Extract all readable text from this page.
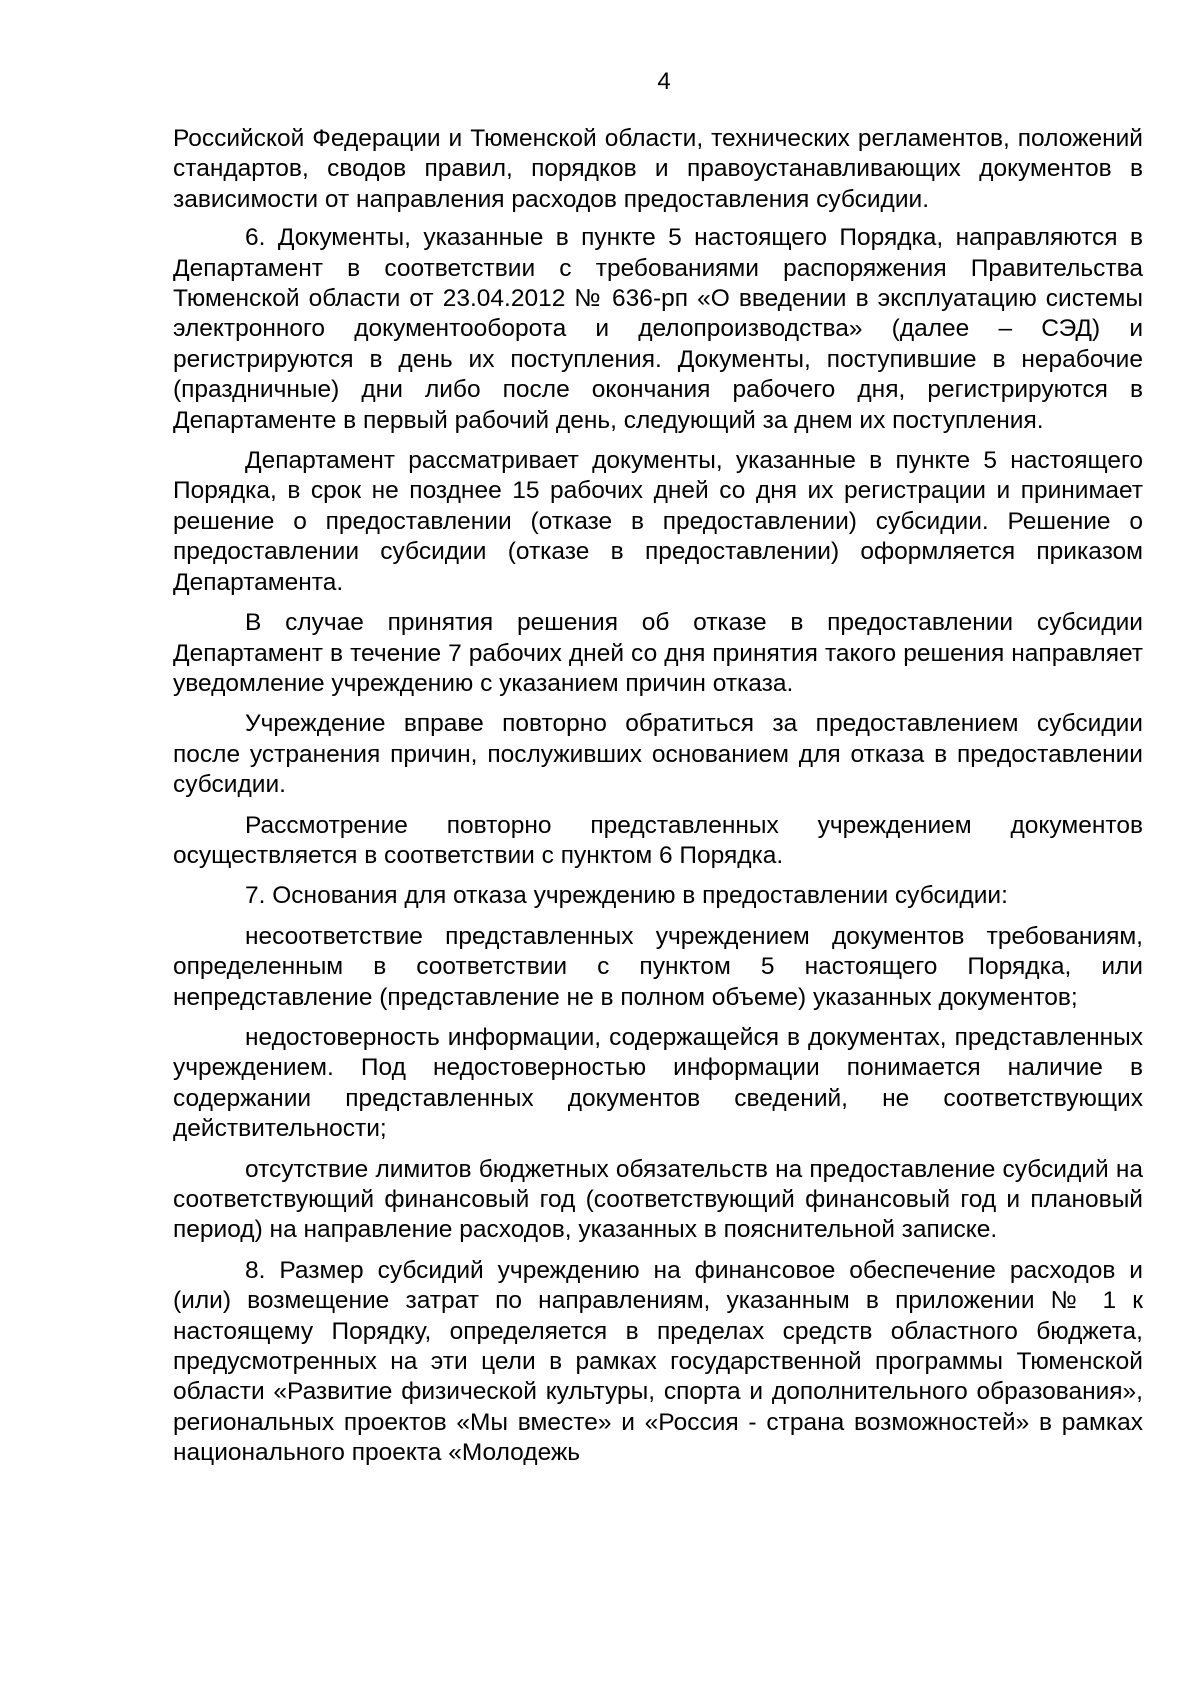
4

Российской Федерации и Тюменской области, технических регламентов, положений стандартов, сводов правил, порядков и правоустанавливающих документов в зависимости от направления расходов предоставления субсидии.

6. Документы, указанные в пункте 5 настоящего Порядка, направляются в Департамент в соответствии с требованиями распоряжения Правительства Тюменской области от 23.04.2012 № 636-рп «О введении в эксплуатацию системы электронного документооборота и делопроизводства» (далее – СЭД) и регистрируются в день их поступления. Документы, поступившие в нерабочие (праздничные) дни либо после окончания рабочего дня, регистрируются в Департаменте в первый рабочий день, следующий за днем их поступления.

Департамент рассматривает документы, указанные в пункте 5 настоящего Порядка, в срок не позднее 15 рабочих дней со дня их регистрации и принимает решение о предоставлении (отказе в предоставлении) субсидии. Решение о предоставлении субсидии (отказе в предоставлении) оформляется приказом Департамента.

В случае принятия решения об отказе в предоставлении субсидии Департамент в течение 7 рабочих дней со дня принятия такого решения направляет уведомление учреждению с указанием причин отказа.

Учреждение вправе повторно обратиться за предоставлением субсидии после устранения причин, послуживших основанием для отказа в предоставлении субсидии.

Рассмотрение повторно представленных учреждением документов осуществляется в соответствии с пунктом 6 Порядка.

7. Основания для отказа учреждению в предоставлении субсидии:

несоответствие представленных учреждением документов требованиям, определенным в соответствии с пунктом 5 настоящего Порядка, или непредставление (представление не в полном объеме) указанных документов;

недостоверность информации, содержащейся в документах, представленных учреждением. Под недостоверностью информации понимается наличие в содержании представленных документов сведений, не соответствующих действительности;

отсутствие лимитов бюджетных обязательств на предоставление субсидий на соответствующий финансовый год (соответствующий финансовый год и плановый период) на направление расходов, указанных в пояснительной записке.

8. Размер субсидий учреждению на финансовое обеспечение расходов и (или) возмещение затрат по направлениям, указанным в приложении № 1 к настоящему Порядку, определяется в пределах средств областного бюджета, предусмотренных на эти цели в рамках государственной программы Тюменской области «Развитие физической культуры, спорта и дополнительного образования», региональных проектов «Мы вместе» и «Россия - страна возможностей» в рамках национального проекта «Молодежь
